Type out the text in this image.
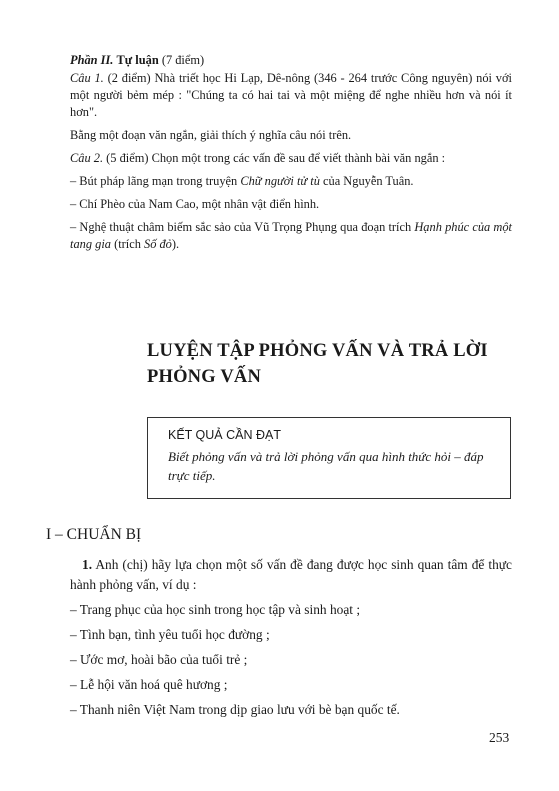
Phần II. Tự luận (7 điểm)

Câu 1. (2 điểm) Nhà triết học Hi Lạp, Dê-nông (346 - 264 trước Công nguyên) nói với một người bẻm mép : "Chúng ta có hai tai và một miệng để nghe nhiều hơn và nói ít hơn".

Bằng một đoạn văn ngắn, giải thích ý nghĩa câu nói trên.

Câu 2. (5 điểm) Chọn một trong các vấn đề sau để viết thành bài văn ngắn :

– Bút pháp lãng mạn trong truyện Chữ người tử tù của Nguyễn Tuân.

– Chí Phèo của Nam Cao, một nhân vật điển hình.

– Nghệ thuật châm biếm sắc sảo của Vũ Trọng Phụng qua đoạn trích Hạnh phúc của một tang gia (trích Số đỏ).

LUYỆN TẬP PHỎNG VẤN VÀ TRẢ LỜI PHỎNG VẤN
KẾT QUẢ CẦN ĐẠT
Biết phỏng vấn và trả lời phỏng vấn qua hình thức hỏi – đáp trực tiếp.
I – CHUẨN BỊ

1. Anh (chị) hãy lựa chọn một số vấn đề đang được học sinh quan tâm để thực hành phỏng vấn, ví dụ :

– Trang phục của học sinh trong học tập và sinh hoạt ;

– Tình bạn, tình yêu tuổi học đường ;

– Ước mơ, hoài bão của tuổi trẻ ;

– Lễ hội văn hoá quê hương ;

– Thanh niên Việt Nam trong dịp giao lưu với bè bạn quốc tế.

253
